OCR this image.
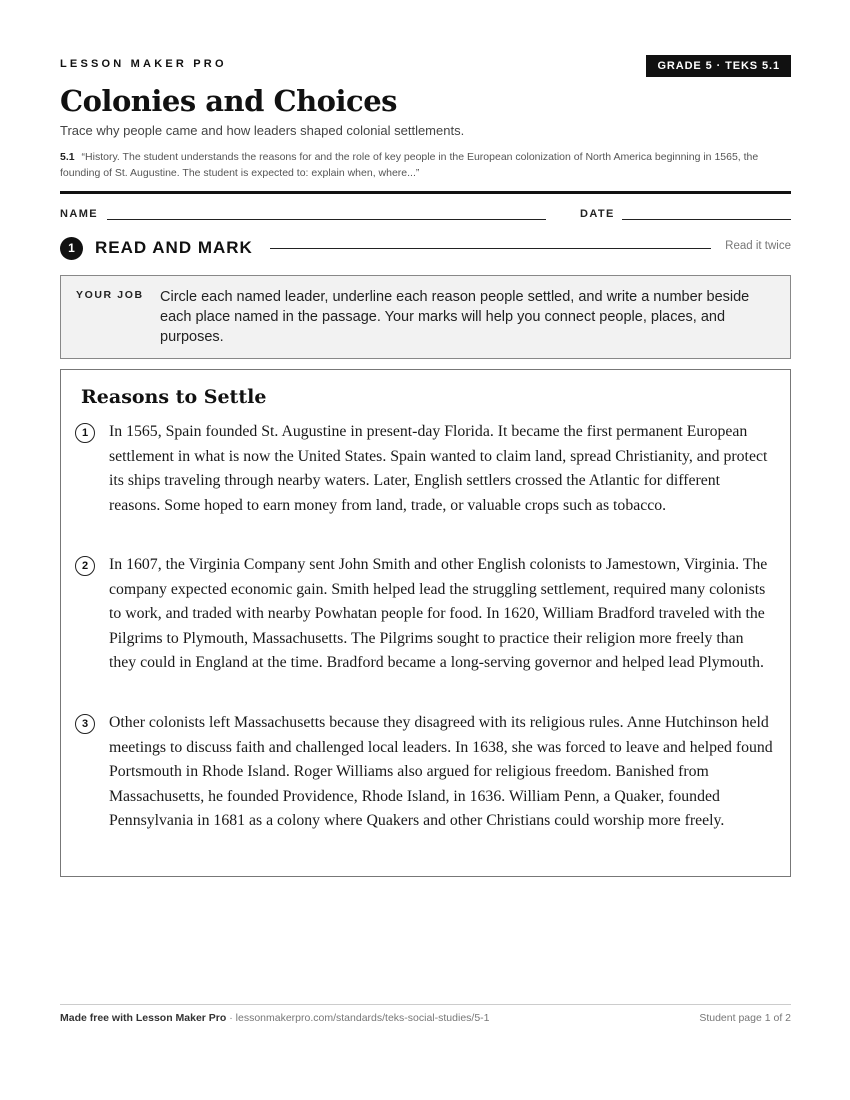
LESSON MAKER PRO	GRADE 5 · TEKS 5.1
Colonies and Choices
Trace why people came and how leaders shaped colonial settlements.
5.1 “History. The student understands the reasons for and the role of key people in the European colonization of North America beginning in 1565, the founding of St. Augustine. The student is expected to: explain when, where...”
NAME	DATE
1	READ AND MARK	Read it twice
YOUR JOB Circle each named leader, underline each reason people settled, and write a number beside each place named in the passage. Your marks will help you connect people, places, and purposes.
Reasons to Settle
1	In 1565, Spain founded St. Augustine in present-day Florida. It became the first permanent European settlement in what is now the United States. Spain wanted to claim land, spread Christianity, and protect its ships traveling through nearby waters. Later, English settlers crossed the Atlantic for different reasons. Some hoped to earn money from land, trade, or valuable crops such as tobacco.

2	In 1607, the Virginia Company sent John Smith and other English colonists to Jamestown, Virginia. The company expected economic gain. Smith helped lead the struggling settlement, required many colonists to work, and traded with nearby Powhatan people for food. In 1620, William Bradford traveled with the Pilgrims to Plymouth, Massachusetts. The Pilgrims sought to practice their religion more freely than they could in England at the time. Bradford became a long-serving governor and helped lead Plymouth.

3	Other colonists left Massachusetts because they disagreed with its religious rules. Anne Hutchinson held meetings to discuss faith and challenged local leaders. In 1638, she was forced to leave and helped found Portsmouth in Rhode Island. Roger Williams also argued for religious freedom. Banished from Massachusetts, he founded Providence, Rhode Island, in 1636. William Penn, a Quaker, founded Pennsylvania in 1681 as a colony where Quakers and other Christians could worship more freely.

Made free with Lesson Maker Pro · lessonmakerpro.com/standards/teks-social-studies/5-1	Student page 1 of 2
